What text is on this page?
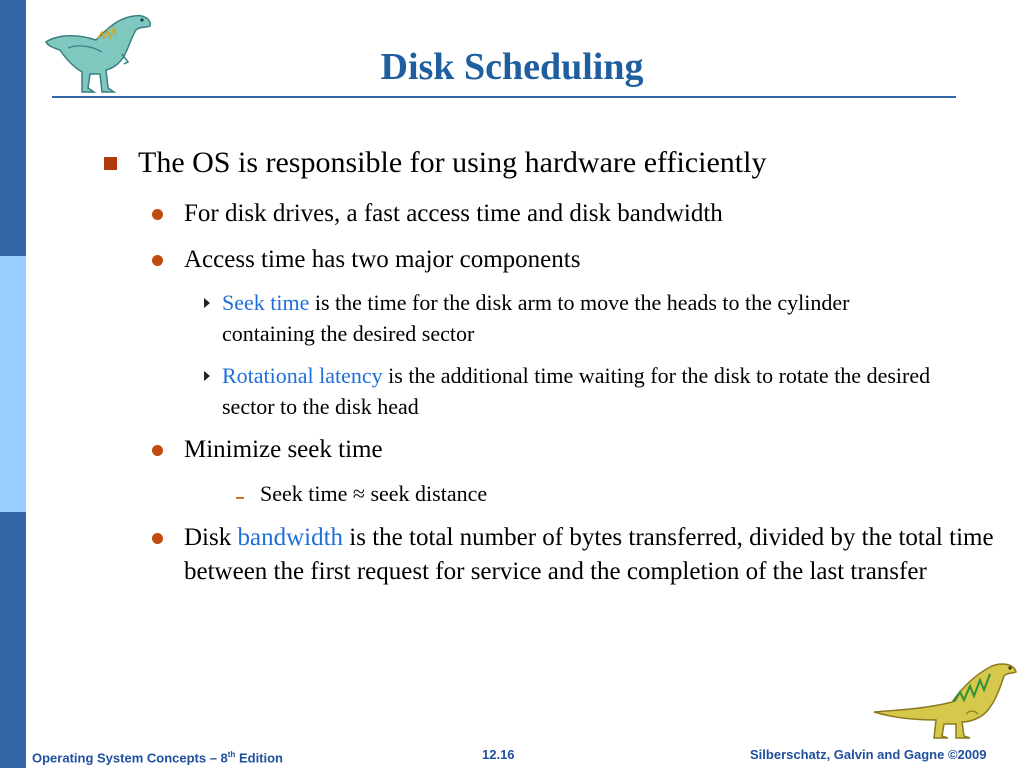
Disk Scheduling

The OS is responsible for using hardware efficiently

For disk drives, a fast access time and disk bandwidth

Access time has two major components

Seek time is the time for the disk arm to move the heads to the cylinder containing the desired sector

Rotational latency is the additional time waiting for the disk to rotate the desired sector to the disk head

Minimize seek time

Seek time ≈ seek distance

Disk bandwidth is the total number of bytes transferred, divided by the total time between the first request for service and the completion of the last transfer

Operating System Concepts – 8th Edition	12.16	Silberschatz, Galvin and Gagne ©2009
